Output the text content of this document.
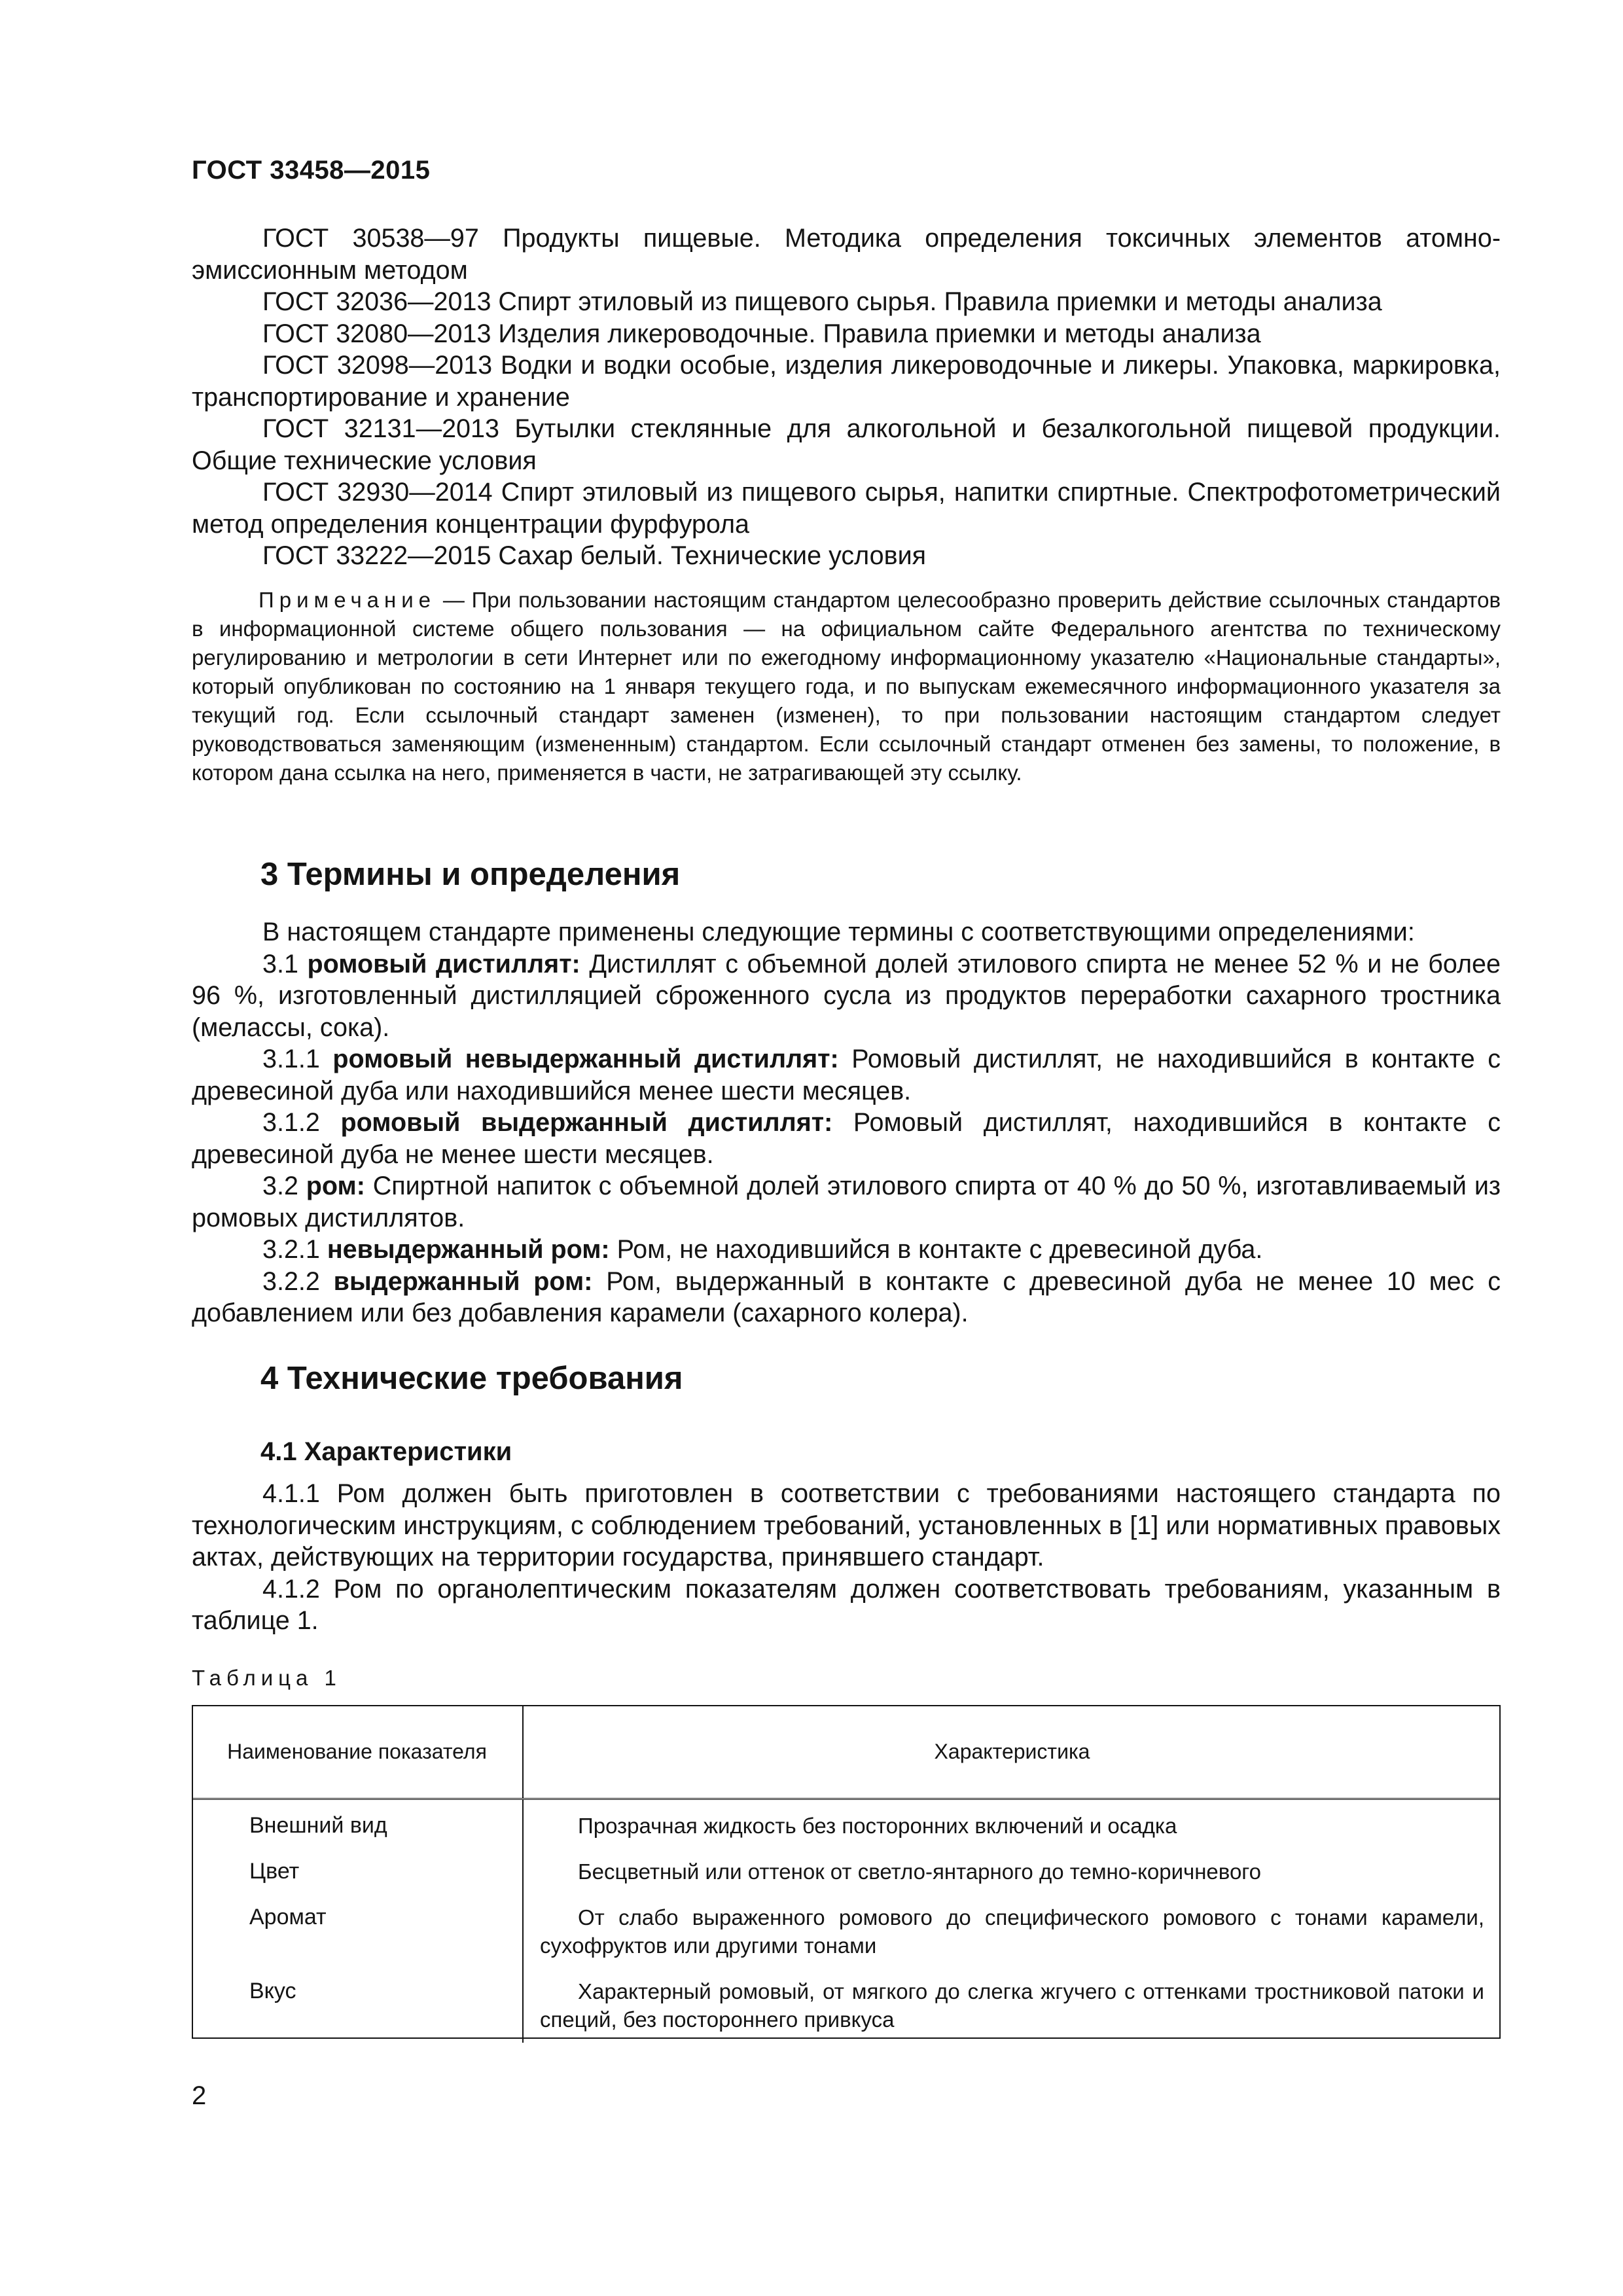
ГОСТ 33458—2015

ГОСТ 30538—97 Продукты пищевые. Методика определения токсичных элементов атомно-эмиссионным методом

ГОСТ 32036—2013 Спирт этиловый из пищевого сырья. Правила приемки и методы анализа

ГОСТ 32080—2013 Изделия ликероводочные. Правила приемки и методы анализа

ГОСТ 32098—2013 Водки и водки особые, изделия ликероводочные и ликеры. Упаковка, маркировка, транспортирование и хранение

ГОСТ 32131—2013 Бутылки стеклянные для алкогольной и безалкогольной пищевой продукции. Общие технические условия

ГОСТ 32930—2014 Спирт этиловый из пищевого сырья, напитки спиртные. Спектрофотометрический метод определения концентрации фурфурола

ГОСТ 33222—2015 Сахар белый. Технические условия

Примечание — При пользовании настоящим стандартом целесообразно проверить действие ссылочных стандартов в информационной системе общего пользования — на официальном сайте Федерального агентства по техническому регулированию и метрологии в сети Интернет или по ежегодному информационному указателю «Национальные стандарты», который опубликован по состоянию на 1 января текущего года, и по выпускам ежемесячного информационного указателя за текущий год. Если ссылочный стандарт заменен (изменен), то при пользовании настоящим стандартом следует руководствоваться заменяющим (измененным) стандартом. Если ссылочный стандарт отменен без замены, то положение, в котором дана ссылка на него, применяется в части, не затрагивающей эту ссылку.
3 Термины и определения

В настоящем стандарте применены следующие термины с соответствующими определениями:

3.1 ромовый дистиллят: Дистиллят с объемной долей этилового спирта не менее 52 % и не более 96 %, изготовленный дистилляцией сброженного сусла из продуктов переработки сахарного тростника (мелассы, сока).

3.1.1 ромовый невыдержанный дистиллят: Ромовый дистиллят, не находившийся в контакте с древесиной дуба или находившийся менее шести месяцев.

3.1.2 ромовый выдержанный дистиллят: Ромовый дистиллят, находившийся в контакте с древесиной дуба не менее шести месяцев.

3.2 ром: Спиртной напиток с объемной долей этилового спирта от 40 % до 50 %, изготавливаемый из ромовых дистиллятов.

3.2.1 невыдержанный ром: Ром, не находившийся в контакте с древесиной дуба.

3.2.2 выдержанный ром: Ром, выдержанный в контакте с древесиной дуба не менее 10 мес с добавлением или без добавления карамели (сахарного колера).

4 Технические требования
4.1 Характеристики

4.1.1 Ром должен быть приготовлен в соответствии с требованиями настоящего стандарта по технологическим инструкциям, с соблюдением требований, установленных в [1] или нормативных правовых актах, действующих на территории государства, принявшего стандарт.

4.1.2 Ром по органолептическим показателям должен соответствовать требованиям, указанным в таблице 1.

Таблица 1
Наименование показателя	Характеристика
Внешний вид	Прозрачная жидкость без посторонних включений и осадка
Цвет	Бесцветный или оттенок от светло-янтарного до темно-коричневого
Аромат	От слабо выраженного ромового до специфического ромового с тонами карамели, сухофруктов или другими тонами
Вкус	Характерный ромовый, от мягкого до слегка жгучего с оттенками тростниковой патоки и специй, без постороннего привкуса
2
